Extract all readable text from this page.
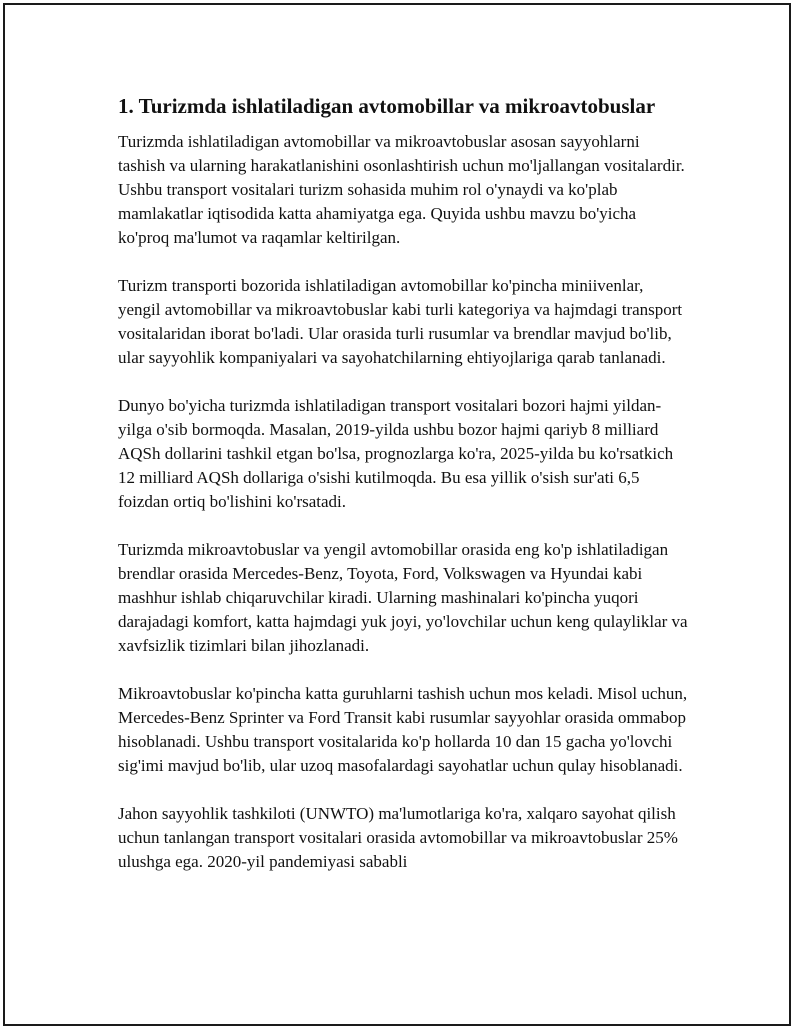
1. Turizmda ishlatiladigan avtomobillar va mikroavtobuslar

Turizmda ishlatiladigan avtomobillar va mikroavtobuslar asosan sayyohlarni tashish va ularning harakatlanishini osonlashtirish uchun mo'ljallangan vositalardir. Ushbu transport vositalari turizm sohasida muhim rol o'ynaydi va ko'plab mamlakatlar iqtisodida katta ahamiyatga ega. Quyida ushbu mavzu bo'yicha ko'proq ma'lumot va raqamlar keltirilgan.

Turizm transporti bozorida ishlatiladigan avtomobillar ko'pincha miniivenlar, yengil avtomobillar va mikroavtobuslar kabi turli kategoriya va hajmdagi transport vositalaridan iborat bo'ladi. Ular orasida turli rusumlar va brendlar mavjud bo'lib, ular sayyohlik kompaniyalari va sayohatchilarning ehtiyojlariga qarab tanlanadi.

Dunyo bo'yicha turizmda ishlatiladigan transport vositalari bozori hajmi yildan-yilga o'sib bormoqda. Masalan, 2019-yilda ushbu bozor hajmi qariyb 8 milliard AQSh dollarini tashkil etgan bo'lsa, prognozlarga ko'ra, 2025-yilda bu ko'rsatkich 12 milliard AQSh dollariga o'sishi kutilmoqda. Bu esa yillik o'sish sur'ati 6,5 foizdan ortiq bo'lishini ko'rsatadi.

Turizmda mikroavtobuslar va yengil avtomobillar orasida eng ko'p ishlatiladigan brendlar orasida Mercedes-Benz, Toyota, Ford, Volkswagen va Hyundai kabi mashhur ishlab chiqaruvchilar kiradi. Ularning mashinalari ko'pincha yuqori darajadagi komfort, katta hajmdagi yuk joyi, yo'lovchilar uchun keng qulayliklar va xavfsizlik tizimlari bilan jihozlanadi.

Mikroavtobuslar ko'pincha katta guruhlarni tashish uchun mos keladi. Misol uchun, Mercedes-Benz Sprinter va Ford Transit kabi rusumlar sayyohlar orasida ommabop hisoblanadi. Ushbu transport vositalarida ko'p hollarda 10 dan 15 gacha yo'lovchi sig'imi mavjud bo'lib, ular uzoq masofalardagi sayohatlar uchun qulay hisoblanadi.

Jahon sayyohlik tashkiloti (UNWTO) ma'lumotlariga ko'ra, xalqaro sayohat qilish uchun tanlangan transport vositalari orasida avtomobillar va mikroavtobuslar 25% ulushga ega. 2020-yil pandemiyasi sababli
